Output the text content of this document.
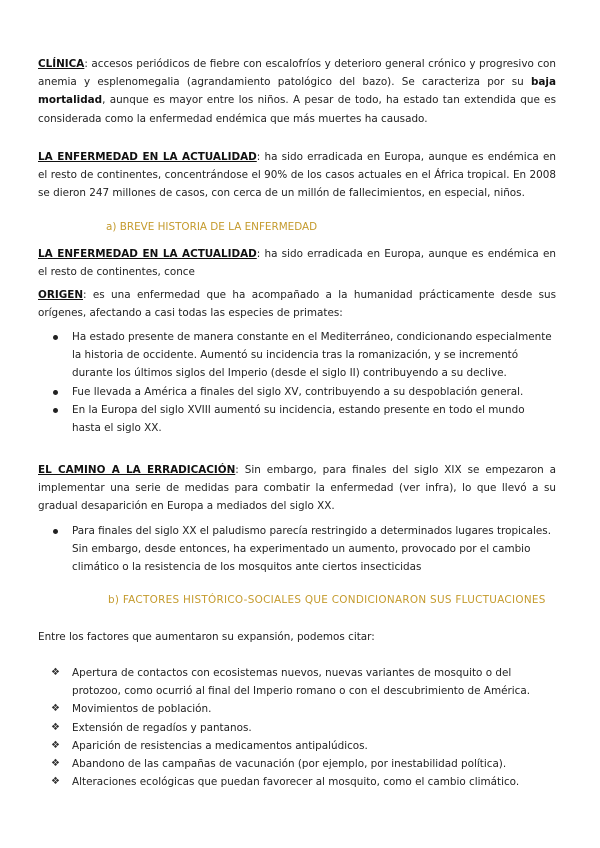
CLÍNICA: accesos periódicos de fiebre con escalofríos y deterioro general crónico y progresivo con anemia y esplenomegalia (agrandamiento patológico del bazo). Se caracteriza por su baja mortalidad, aunque es mayor entre los niños. A pesar de todo, ha estado tan extendida que es considerada como la enfermedad endémica que más muertes ha causado.

LA ENFERMEDAD EN LA ACTUALIDAD: ha sido erradicada en Europa, aunque es endémica en el resto de continentes, concentrándose el 90% de los casos actuales en el África tropical. En 2008 se dieron 247 millones de casos, con cerca de un millón de fallecimientos, en especial, niños.

a) BREVE HISTORIA DE LA ENFERMEDAD

LA ENFERMEDAD EN LA ACTUALIDAD: ha sido erradicada en Europa, aunque es endémica en el resto de continentes, conce

ORIGEN: es una enfermedad que ha acompañado a la humanidad prácticamente desde sus orígenes, afectando a casi todas las especies de primates:

Ha estado presente de manera constante en el Mediterráneo, condicionando especialmente la historia de occidente. Aumentó su incidencia tras la romanización, y se incrementó durante los últimos siglos del Imperio (desde el siglo II) contribuyendo a su declive.
Fue llevada a América a finales del siglo XV, contribuyendo a su despoblación general.
En la Europa del siglo XVIII aumentó su incidencia, estando presente en todo el mundo hasta el siglo XX.

EL CAMINO A LA ERRADICACIÓN: Sin embargo, para finales del siglo XIX se empezaron a implementar una serie de medidas para combatir la enfermedad (ver infra), lo que llevó a su gradual desaparición en Europa a mediados del siglo XX.

Para finales del siglo XX el paludismo parecía restringido a determinados lugares tropicales. Sin embargo, desde entonces, ha experimentado un aumento, provocado por el cambio climático o la resistencia de los mosquitos ante ciertos insecticidas

b) FACTORES HISTÓRICO-SOCIALES QUE CONDICIONARON SUS FLUCTUACIONES

Entre los factores que aumentaron su expansión, podemos citar:

❖ Apertura de contactos con ecosistemas nuevos, nuevas variantes de mosquito o del protozoo, como ocurrió al final del Imperio romano o con el descubrimiento de América.
❖ Movimientos de población.
❖ Extensión de regadíos y pantanos.
❖ Aparición de resistencias a medicamentos antipalúdicos.
❖ Abandono de las campañas de vacunación (por ejemplo, por inestabilidad política).
❖ Alteraciones ecológicas que puedan favorecer al mosquito, como el cambio climático.
